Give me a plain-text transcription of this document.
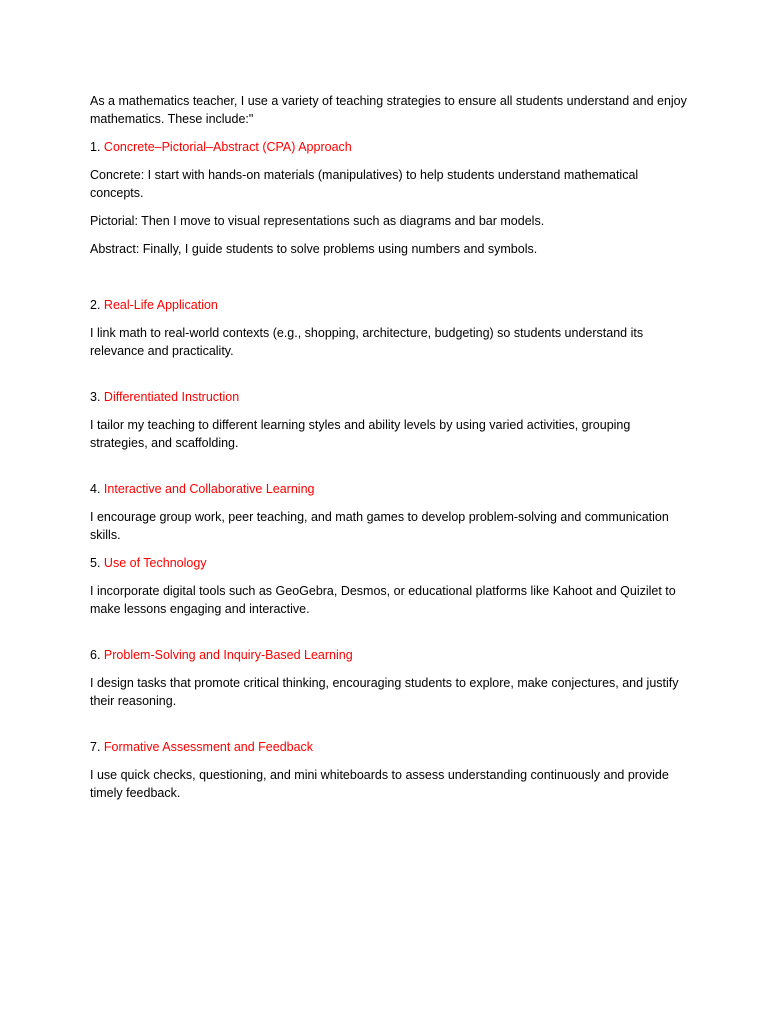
As a mathematics teacher, I use a variety of teaching strategies to ensure all students understand and enjoy mathematics. These include:"

1. Concrete–Pictorial–Abstract (CPA) Approach

Concrete: I start with hands-on materials (manipulatives) to help students understand mathematical concepts.

Pictorial: Then I move to visual representations such as diagrams and bar models.

Abstract: Finally, I guide students to solve problems using numbers and symbols.

2. Real-Life Application

I link math to real-world contexts (e.g., shopping, architecture, budgeting) so students understand its relevance and practicality.

3. Differentiated Instruction

I tailor my teaching to different learning styles and ability levels by using varied activities, grouping strategies, and scaffolding.

4. Interactive and Collaborative Learning

I encourage group work, peer teaching, and math games to develop problem-solving and communication skills.

5. Use of Technology

I incorporate digital tools such as GeoGebra, Desmos, or educational platforms like Kahoot and Quizilet to make lessons engaging and interactive.

6. Problem-Solving and Inquiry-Based Learning

I design tasks that promote critical thinking, encouraging students to explore, make conjectures, and justify their reasoning.

7. Formative Assessment and Feedback

I use quick checks, questioning, and mini whiteboards to assess understanding continuously and provide timely feedback.
